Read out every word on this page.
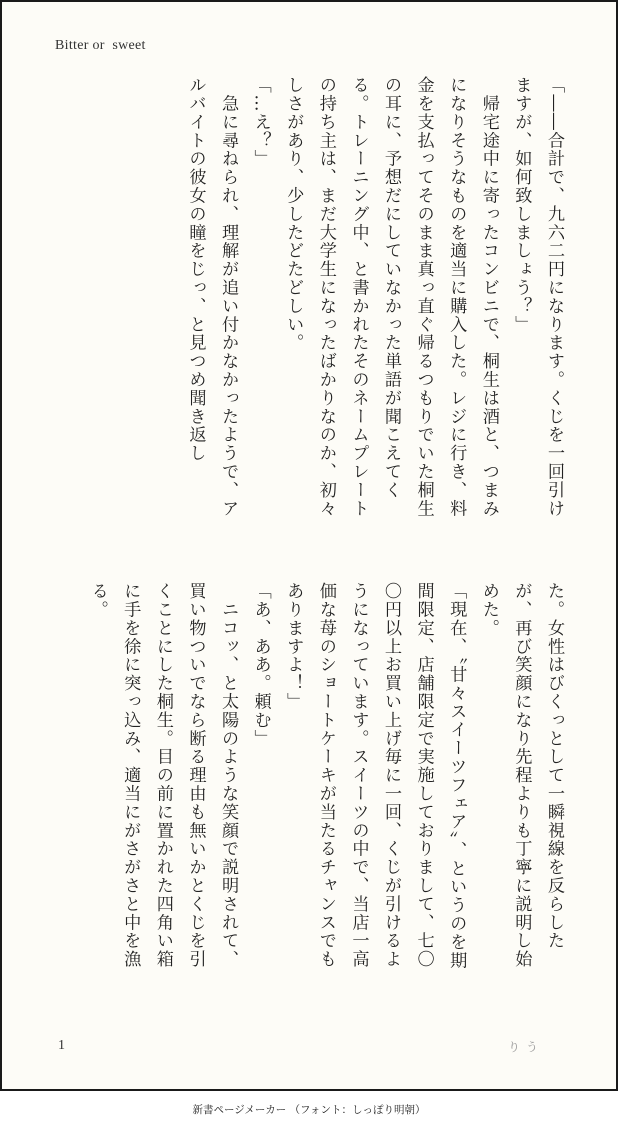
Bitter or  sweet
「――合計で、九六二円になります。くじを一回引けますが、如何致しましょう？」
　帰宅途中に寄ったコンビニで、桐生は酒と、つまみになりそうなものを適当に購入した。レジに行き、料金を支払ってそのまま真っ直ぐ帰るつもりでいた桐生の耳に、予想だにしていなかった単語が聞こえてくる。トレーニング中、と書かれたそのネームプレートの持ち主は、まだ大学生になったばかりなのか、初々しさがあり、少したどたどしい。
「…え？」
　急に尋ねられ、理解が追い付かなかったようで、アルバイトの彼女の瞳をじっ、と見つめ聞き返し
た。女性はびくっとして一瞬視線を反らしたが、再び笑顔になり先程よりも丁寧に説明し始めた。
「現在、〝甘々スイーツフェア〟、というのを期間限定、店舗限定で実施しておりまして、七〇〇円以上お買い上げ毎に一回、くじが引けるようになっています。スイーツの中で、当店一高価な苺のショートケーキが当たるチャンスでもありますよ！」
「あ、ああ。頼む」
　ニコッ、と太陽のような笑顔で説明されて、買い物ついでなら断る理由も無いかとくじを引くことにした桐生。目の前に置かれた四角い箱に手を徐に突っ込み、適当にがさがさと中を漁る。
1	りう
新書ページメーカー （フォント：しっぽり明朝）
